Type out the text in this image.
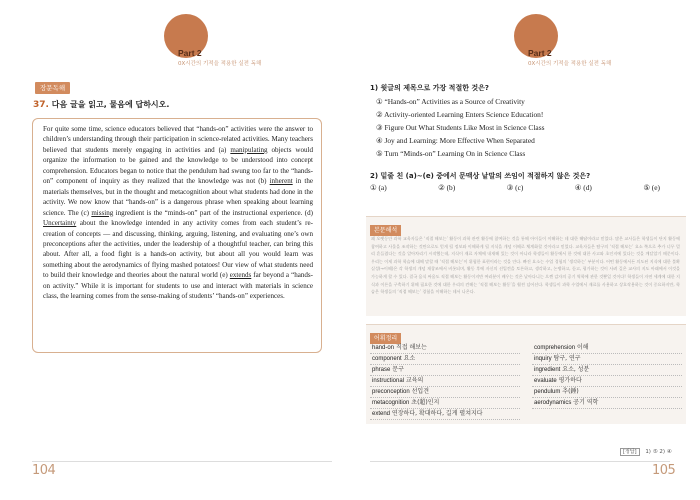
Part 2
0X시간의 기적을 적용한 실전 독해
장문독해
37. 다음 글을 읽고, 물음에 답하시오.

For quite some time, science educators believed that “hands-on” activities were the answer to children’s understanding through their participation in science-related activities. Many teachers believed that students merely engaging in activities and (a) manipulating objects would organize the information to be gained and the knowledge to be understood into concept comprehension. Educators began to notice that the pendulum had swung too far to the “hands-on” component of inquiry as they realized that the knowledge was not (b) inherent in the materials themselves, but in the thought and metacognition about what students had done in the activity. We now know that “hands-on” is a dangerous phrase when speaking about learning science. The (c) missing ingredient is the “minds-on” part of the instructional experience. (d) Uncertainty about the knowledge intended in any activity comes from each student’s re-creation of concepts — and discussing, thinking, arguing, listening, and evaluating one’s own preconceptions after the activities, under the leadership of a thoughtful teacher, can bring this about. After all, a food fight is a hands-on activity, but about all you would learn was something about the aerodynamics of flying mashed potatoes! Our view of what students need to build their knowledge and theories about the natural world (e) extends far beyond a “hands-on activity.” While it is important for students to use and interact with materials in science class, the learning comes from the sense-making of students’ “hands-on” experiences.

104
Part 2
0X시간의 기적을 적용한 실전 독해
1) 윗글의 제목으로 가장 적절한 것은?
① “Hands-on” Activities as a Source of Creativity
② Activity-oriented Learning Enters Science Education!
③ Figure Out What Students Like Most in Science Class
④ Joy and Learning: More Effective When Separated
⑤ Turn “Minds-on” Learning On in Science Class
2) 밑줄 친 (a)~(e) 중에서 문맥상 낱말의 쓰임이 적절하지 않은 것은?
① (a)	② (b)	③ (c)	④ (d)	⑤ (e)
본문해석
꽤 오랫동안 과학 교육자들은 ‘직접 해보는’ 활동이 과학 관련 활동에 참여하는 것을 통해 아이들이 이해하는 데 대한 해답이라고 믿었다. 많은 교사들은 학생들이 단지 활동에 참여하고 사물을 조작하는 것만으로도 얻게 될 정보와 이해하게 될 지식을 개념 이해로 체계화할 것이라고 믿었다. 교육자들은 탐구의 ‘직접 해보는’ 요소 쪽으로 추가 너무 멀리 흔들렸다는 것을 알아차리기 시작했는데, 지식이 재료 자체에 내재해 있는 것이 아니라 학생들이 활동에서 한 것에 대한 사고와 초인지에 있다는 것을 깨달았기 때문이다. 우리는 이제 과학 학습에 대해 말할 때 ‘직접 해보는’이 위험한 표현이라는 것을 안다. 빠진 요소는 수업 경험의 ‘생각하는’ 부분이다. 어떤 활동에서든 의도된 지식에 대한 불확실성(→이해)은 각 학생의 개념 재창조에서 비롯되며, 활동 후에 자신의 선입견을 토론하고, 생각하고, 논쟁하고, 듣고, 평가하는 것이 사려 깊은 교사의 지도 아래에서 이것을 가능하게 할 수 있다. 결국 음식 싸움도 직접 해보는 활동이지만 여러분이 배우는 것은 날아다니는 으깬 감자의 공기 역학에 관한 것뿐일 것이다! 학생들이 자연 세계에 대한 지식과 이론을 구축하기 위해 필요한 것에 대한 우리의 견해는 ‘직접 해보는 활동’을 훨씬 넘어선다. 학생들이 과학 수업에서 재료를 사용하고 상호작용하는 것이 중요하지만, 학습은 학생들의 ‘직접 해보는’ 경험을 이해하는 데서 나온다.
어휘정리
hand-on 직접 해보는
component 요소
phrase 문구
instructional 교육의
preconception 선입견
metacognition 초(超)인지
extend 연장하다, 확대하다, 길게 펼쳐지다
comprehension 이해
inquiry 탐구, 연구
ingredient 요소, 성분
evaluate 평가하다
pendulum 추(錘)
aerodynamics 공기 역학
[정답] 1) ⑤ 2) ④
105
